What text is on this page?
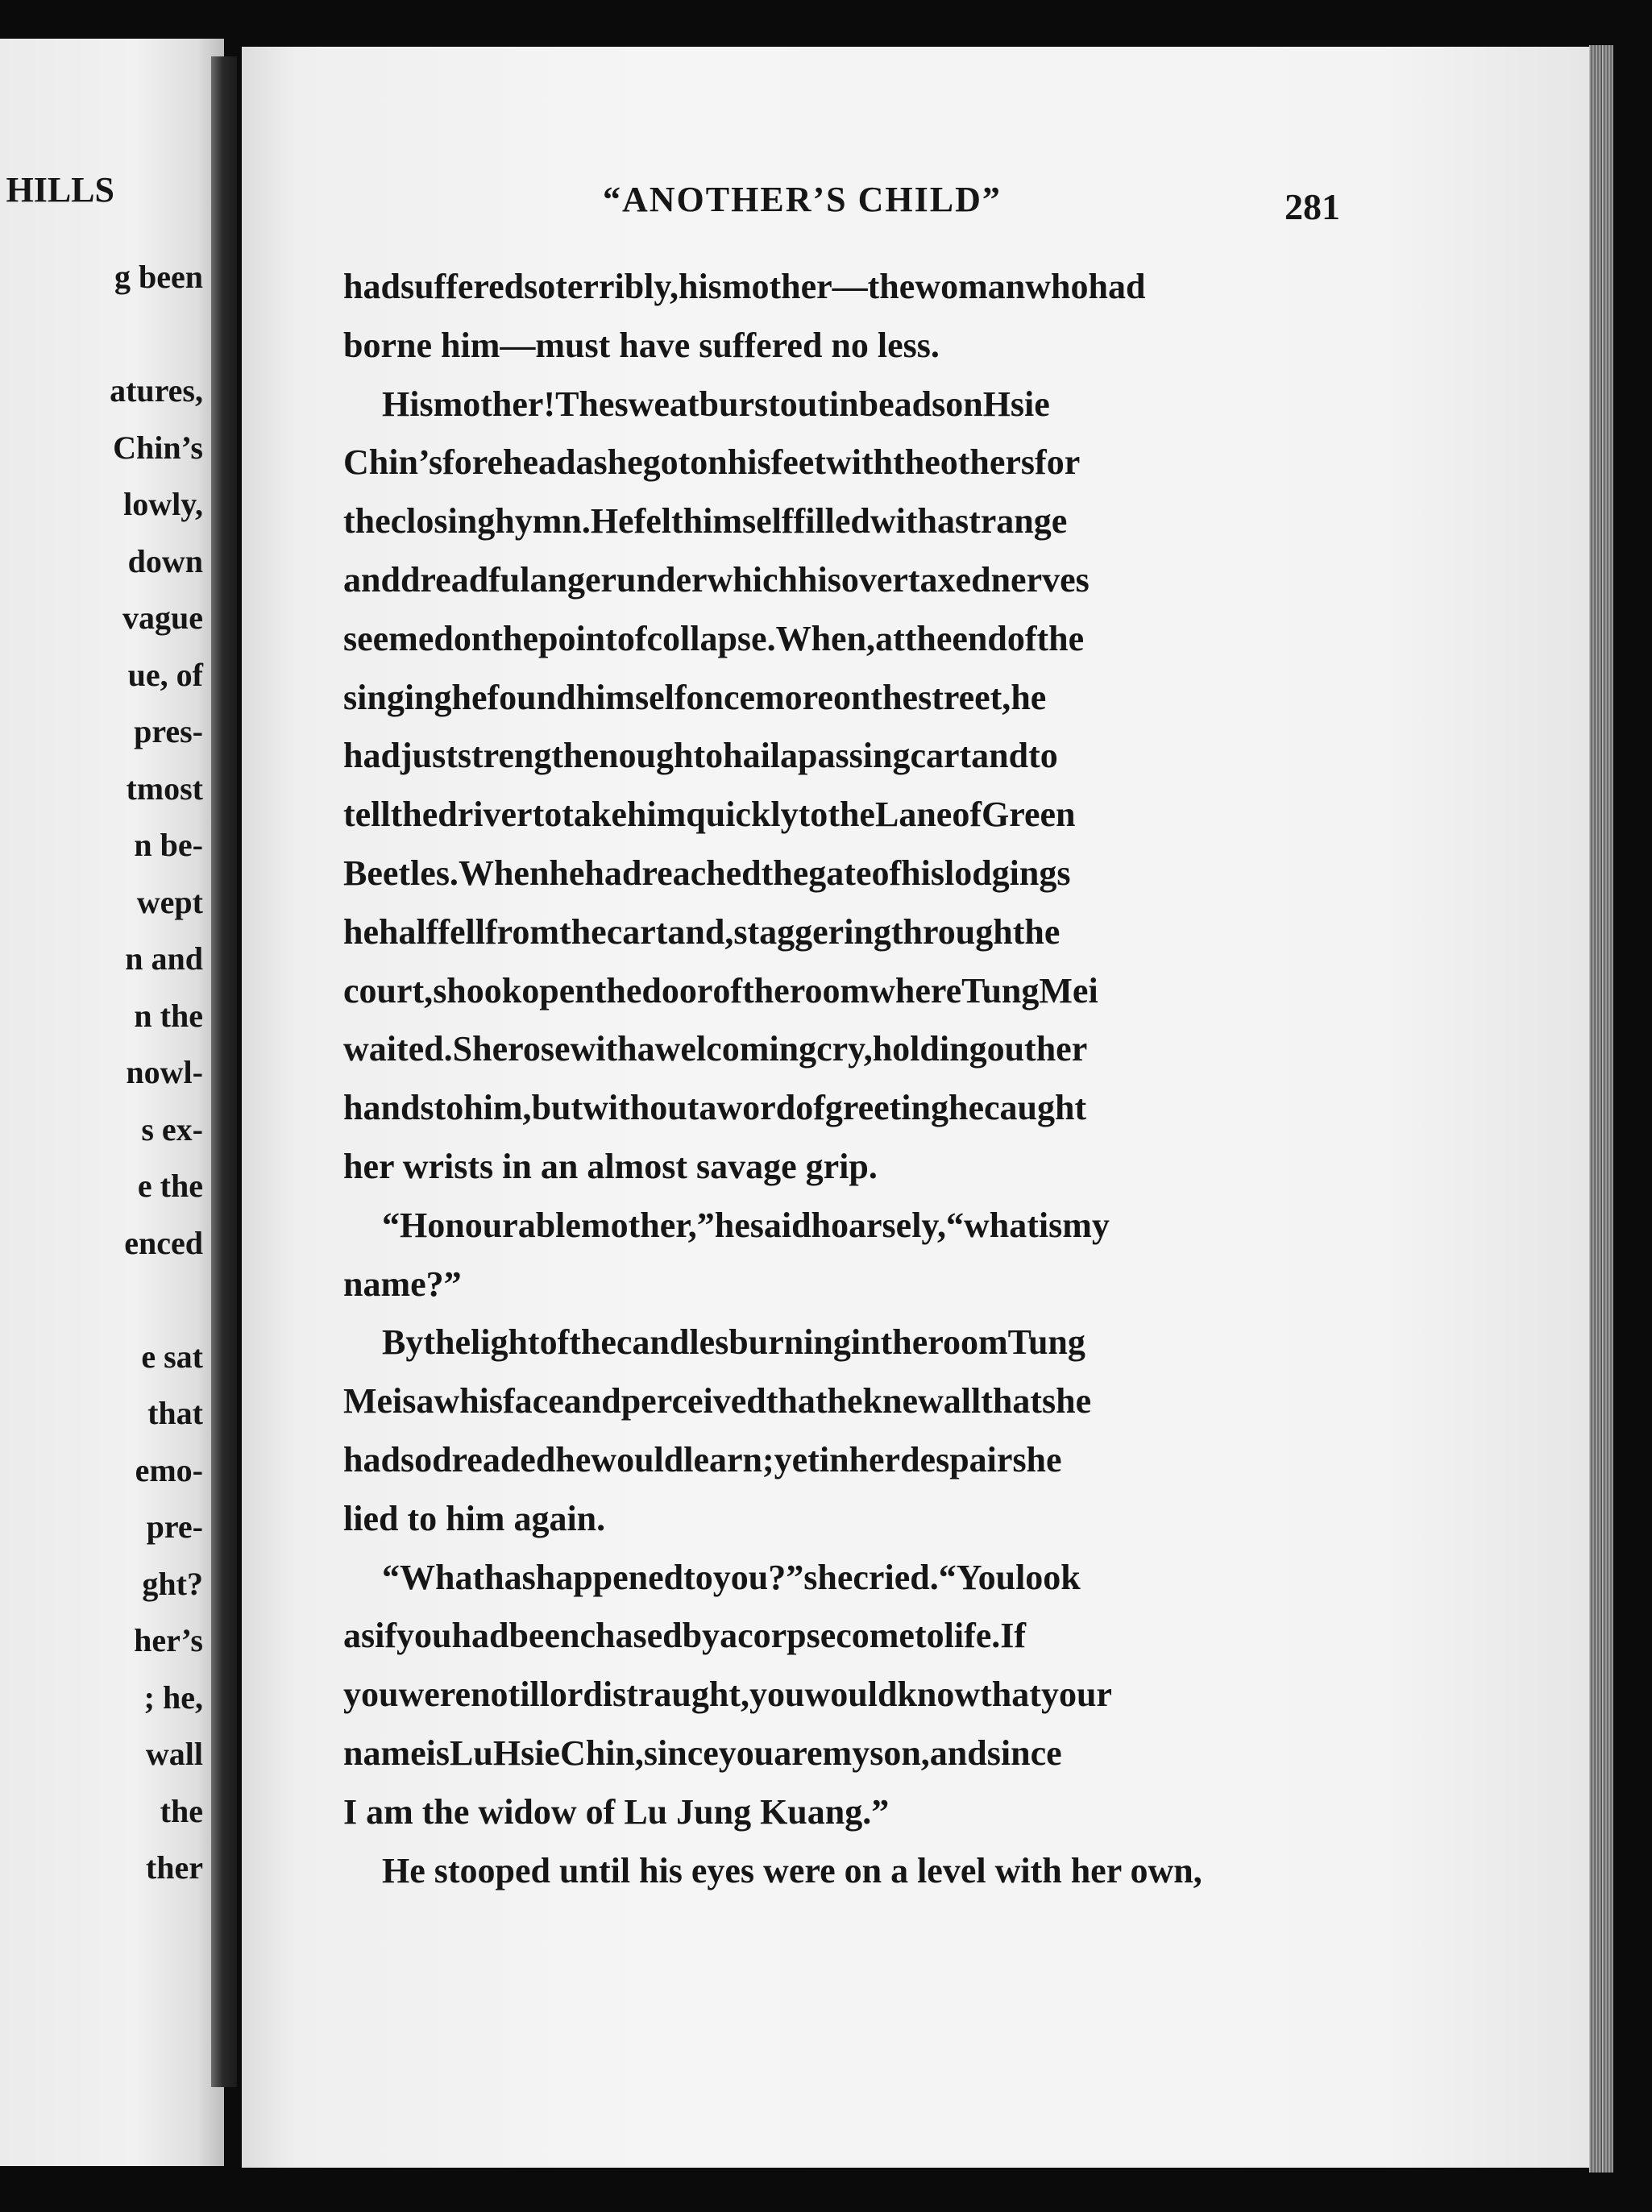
HILLS

g been

atures,

Chin’s

lowly,

down

vague

ue, of

pres-

tmost

n be-

wept

n and

n the

nowl-

s ex-

e the

enced

e sat

that

emo-

pre-

ght?

her’s

; he,

wall

the

ther

“ANOTHER’S CHILD”	281

had suffered so terribly, his mother—the woman who had

borne him—must have suffered no less.

His mother! The sweat burst out in beads on Hsie

Chin’s forehead as he got on his feet with the others for

the closing hymn. He felt himself filled with a strange

and dreadful anger under which his overtaxed nerves

seemed on the point of collapse. When, at the end of the

singing he found himself once more on the street, he

had just strength enough to hail a passing cart and to

tell the driver to take him quickly to the Lane of Green

Beetles. When he had reached the gate of his lodgings

he half fell from the cart and, staggering through the

court, shook open the door of the room where Tung Mei

waited. She rose with a welcoming cry, holding out her

hands to him, but without a word of greeting he caught

her wrists in an almost savage grip.

“Honourable mother,” he said hoarsely, “what is my

name?”

By the light of the candles burning in the room Tung

Mei saw his face and perceived that he knew all that she

had so dreaded he would learn; yet in her despair she

lied to him again.

“What has happened to you?” she cried. “You look

as if you had been chased by a corpse come to life. If

you were not ill or distraught, you would know that your

name is Lu Hsie Chin, since you are my son, and since

I am the widow of Lu Jung Kuang.”

He stooped until his eyes were on a level with her own,
